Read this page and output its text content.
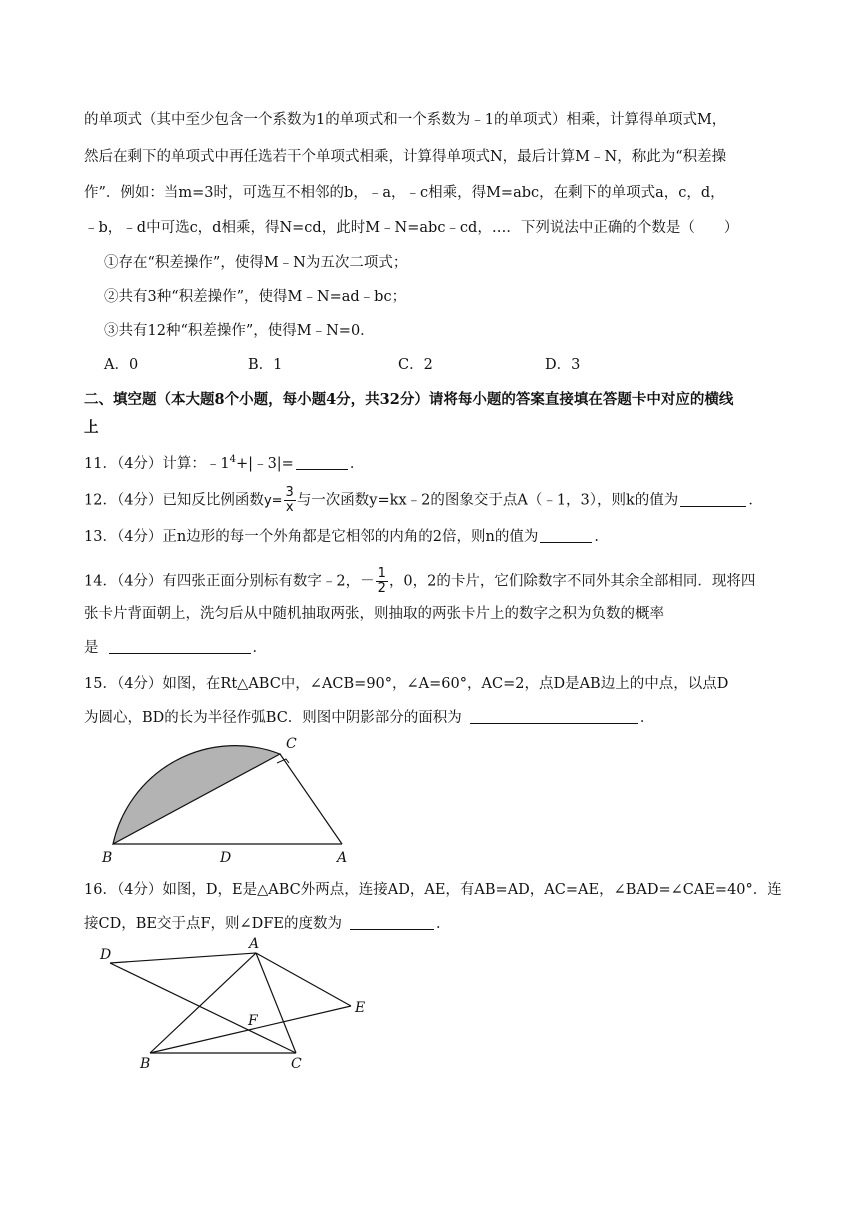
的单项式（其中至少包含一个系数为1的单项式和一个系数为﹣1的单项式）相乘，计算得单项式M，
然后在剩下的单项式中再任选若干个单项式相乘，计算得单项式N，最后计算M﹣N，称此为“积差操
作”．例如：当m=3时，可选互不相邻的b，﹣a，﹣c相乘，得M=abc，在剩下的单项式a，c，d，
﹣b，﹣d中可选c，d相乘，得N=cd，此时M﹣N=abc﹣cd，…．下列说法中正确的个数是（　　）
①存在“积差操作”，使得M﹣N为五次二项式；
②共有3种“积差操作”，使得M﹣N=ad﹣bc；
③共有12种“积差操作”，使得M﹣N=0．
A．0	B．1	C．2	D．3
二、填空题（本大题8个小题，每小题4分，共32分）请将每小题的答案直接填在答题卡中对应的横线
上
11．（4分）计算：$﹣1^4+|﹣3|=$	．
12．（4分）已知反比例函数$y= \frac{3}{x}$ 与一次函数y=kx﹣2的图象交于点A（﹣1，3），则k的值为	．
13．（4分）正n边形的每一个外角都是它相邻的内角的2倍，则n的值为	．
14．（4分）有四张正面分别标有数字﹣2，－ $\frac{1}{2}$ ，0，2的卡片，它们除数字不同外其余全部相同．现将四
张卡片背面朝上，洗匀后从中随机抽取两张，则抽取的两张卡片上的数字之积为负数的概率
是	．
15．（4分）如图，在Rt△ABC中，∠ACB=90°，∠A=60°，AC=2，点D是AB边上的中点，以点D
为圆心，BD的长为半径作弧BC．则图中阴影部分的面积为	．
C
B	D	A
16．（4分）如图，D，E是△ABC外两点，连接AD，AE，有AB=AD，AC=AE，∠BAD=∠CAE=40°．连
接CD，BE交于点F，则∠DFE的度数为	．
D
A
E
F
B	C
